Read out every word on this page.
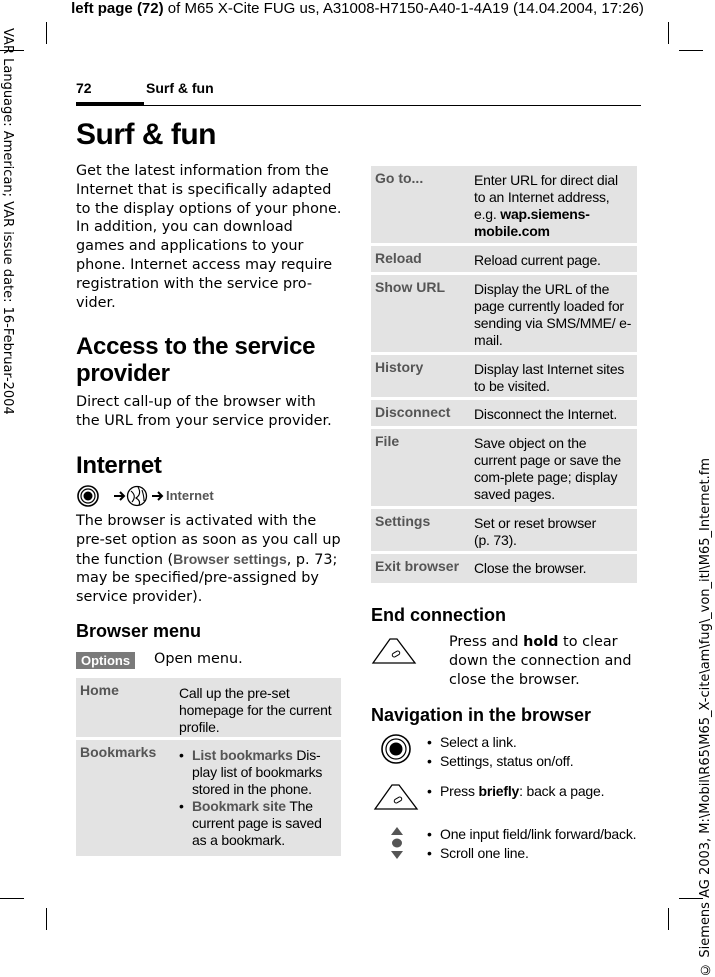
left page (72) of M65 X-Cite FUG us, A31008-H7150-A40-1-4A19 (14.04.2004, 17:26)
VAR Language: American; VAR issue date: 16-Februar-2004
© Siemens AG 2003, M:\Mobil\R65\M65_X-cite\am\fug\_von_itl\M65_Internet.fm
72	Surf & fun
Surf & fun
Get the latest information from the Internet that is specifically adapted to the display options of your phone. In addition, you can download games and applications to your phone. Internet access may require registration with the service pro-vider.
Access to the service provider
Direct call-up of the browser with the URL from your service provider.
Internet
Internet
The browser is activated with the pre-set option as soon as you call up the function (Browser settings, p. 73; may be specified/pre-assigned by service provider).
Browser menu
Options	Open menu.
Home	Call up the pre-set homepage for the current profile.
Bookmarks
•	List bookmarks Dis-play list of bookmarks stored in the phone.
• Bookmark site The current page is saved as a bookmark.
Go to...	Enter URL for direct dial to an Internet address, e.g. wap.siemens-mobile.com
Reload	Reload current page.
Show URL Display the URL of the page currently loaded for sending via SMS/MME/ e-mail.
History	Display last Internet sites to be visited.
Disconnect Disconnect the Internet.
File	Save object on the current page or save the com-plete page; display saved pages.
Settings	Set or reset browser (p. 73).
Exit browser Close the browser.
End connection
Press and hold to clear down the connection and close the browser.
Navigation in the browser
• Select a link.
• Settings, status on/off.
• Press briefly: back a page.
• One input field/link forward/back.
• Scroll one line.
